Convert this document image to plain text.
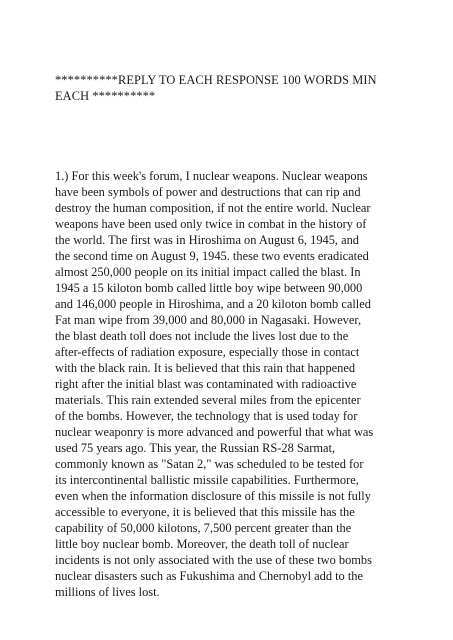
**********REPLY TO EACH RESPONSE 100 WORDS MIN
EACH **********

1.) For this week's forum, I nuclear weapons. Nuclear weapons
have been symbols of power and destructions that can rip and
destroy the human composition, if not the entire world. Nuclear
weapons have been used only twice in combat in the history of
the world. The first was in Hiroshima on August 6, 1945, and
the second time on August 9, 1945. these two events eradicated
almost 250,000 people on its initial impact called the blast. In
1945 a 15 kiloton bomb called little boy wipe between 90,000
and 146,000 people in Hiroshima, and a 20 kiloton bomb called
Fat man wipe from 39,000 and 80,000 in Nagasaki. However,
the blast death toll does not include the lives lost due to the
after-effects of radiation exposure, especially those in contact
with the black rain. It is believed that this rain that happened
right after the initial blast was contaminated with radioactive
materials. This rain extended several miles from the epicenter
of the bombs. However, the technology that is used today for
nuclear weaponry is more advanced and powerful that what was
used 75 years ago. This year, the Russian RS-28 Sarmat,
commonly known as "Satan 2," was scheduled to be tested for
its intercontinental ballistic missile capabilities. Furthermore,
even when the information disclosure of this missile is not fully
accessible to everyone, it is believed that this missile has the
capability of 50,000 kilotons, 7,500 percent greater than the
little boy nuclear bomb. Moreover, the death toll of nuclear
incidents is not only associated with the use of these two bombs
nuclear disasters such as Fukushima and Chernobyl add to the
millions of lives lost.
